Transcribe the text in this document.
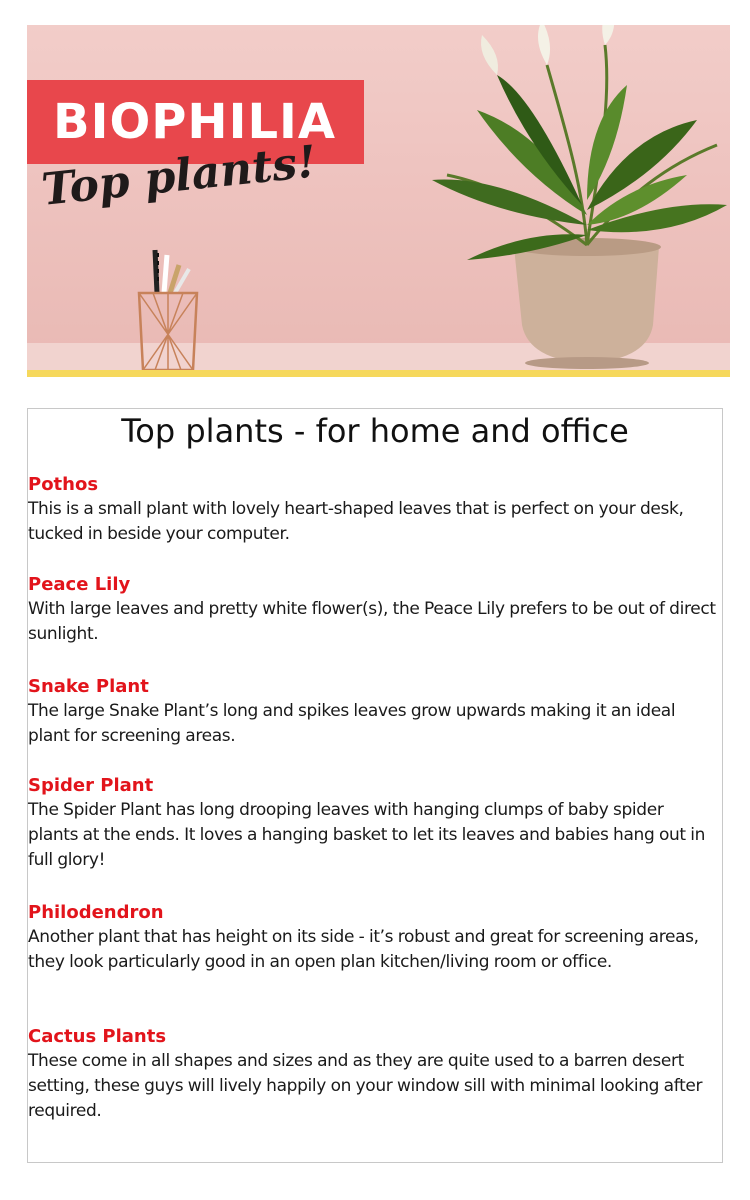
BIOPHILIA
Top plants!
Top plants - for home and office
Pothos
This is a small plant with lovely heart-shaped leaves that is perfect on your desk, tucked in beside your computer.
Peace Lily
With large leaves and pretty white flower(s), the Peace Lily prefers to be out of direct sunlight.
Snake Plant
The large Snake Plant’s long and spikes leaves grow upwards making it an ideal plant for screening areas.
Spider Plant
The Spider Plant has long drooping leaves with hanging clumps of baby spider plants at the ends. It loves a hanging basket to let its leaves and babies hang out in full glory!
Philodendron
Another plant that has height on its side - it’s robust and great for screening areas, they look particularly good in an open plan kitchen/living room or office.
Cactus Plants
These come in all shapes and sizes and as they are quite used to a barren desert setting, these guys will lively happily on your window sill with minimal looking after required.
